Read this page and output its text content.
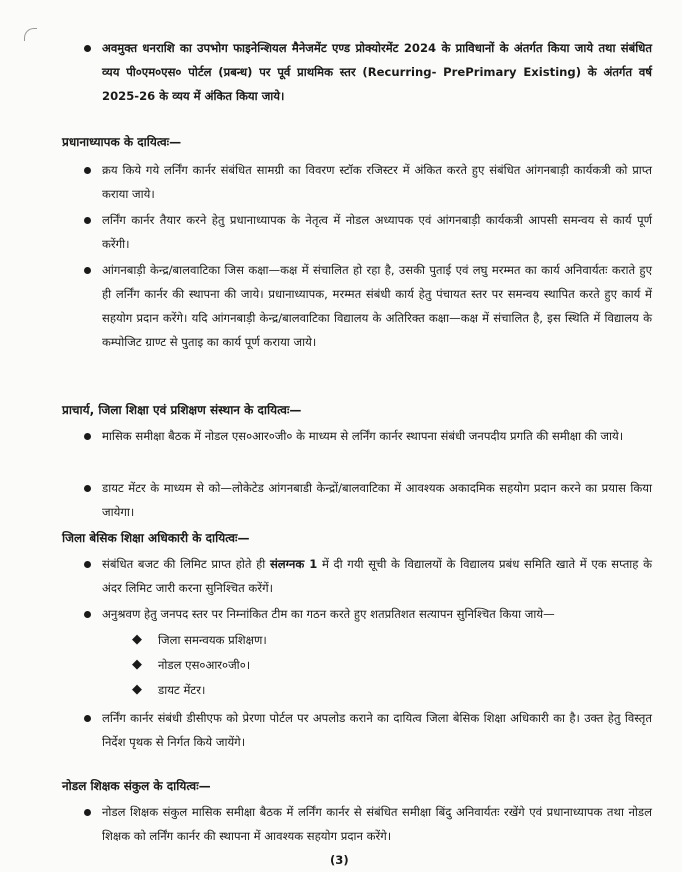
अवमुक्त धनराशि का उपभोग फाइनेन्शियल मैनेजमेंट एण्ड प्रोक्योरमेंट 2024 के प्राविधानों के अंतर्गत किया जाये तथा संबंधित व्यय पी०एम०एस० पोर्टल (प्रबन्ध) पर पूर्व प्राथमिक स्तर (Recurring- PrePrimary Existing) के अंतर्गत वर्ष 2025-26 के व्यय में अंकित किया जाये।
प्रधानाध्यापक के दायित्वः—
क्रय किये गये लर्निंग कार्नर संबंधित सामग्री का विवरण स्टॉक रजिस्टर में अंकित करते हुए संबंधित आंगनबाड़ी कार्यकत्री को प्राप्त कराया जाये।
लर्निंग कार्नर तैयार करने हेतु प्रधानाध्यापक के नेतृत्व में नोडल अध्यापक एवं आंगनबाड़ी कार्यकत्री आपसी समन्वय से कार्य पूर्ण करेंगी।
आंगनबाड़ी केन्द्र/बालवाटिका जिस कक्षा—कक्ष में संचालित हो रहा है, उसकी पुताई एवं लघु मरम्मत का कार्य अनिवार्यतः कराते हुए ही लर्निंग कार्नर की स्थापना की जाये। प्रधानाध्यापक, मरम्मत संबंधी कार्य हेतु पंचायत स्तर पर समन्वय स्थापित करते हुए कार्य में सहयोग प्रदान करेंगे। यदि आंगनबाड़ी केन्द्र/बालवाटिका विद्यालय के अतिरिक्त कक्षा—कक्ष में संचालित है, इस स्थिति में विद्यालय के कम्पोजिट ग्राण्ट से पुताइ का कार्य पूर्ण कराया जाये।
प्राचार्य, जिला शिक्षा एवं प्रशिक्षण संस्थान के दायित्वः—
मासिक समीक्षा बैठक में नोडल एस०आर०जी० के माध्यम से लर्निंग कार्नर स्थापना संबंधी जनपदीय प्रगति की समीक्षा की जाये।
डायट मेंटर के माध्यम से को—लोकेटेड आंगनबाडी केन्द्रों/बालवाटिका में आवश्यक अकादमिक सहयोग प्रदान करने का प्रयास किया जायेगा।
जिला बेसिक शिक्षा अधिकारी के दायित्वः—
संबंधित बजट की लिमिट प्राप्त होते ही संलग्नक 1 में दी गयी सूची के विद्यालयों के विद्यालय प्रबंध समिति खाते में एक सप्ताह के अंदर लिमिट जारी करना सुनिश्चित करेंगें।
अनुश्रवण हेतु जनपद स्तर पर निम्नांकित टीम का गठन करते हुए शतप्रतिशत सत्यापन सुनिश्चित किया जाये—
◆ जिला समन्वयक प्रशिक्षण।
◆ नोडल एस०आर०जी०।
◆ डायट मेंटर।
लर्निंग कार्नर संबंधी डीसीएफ को प्रेरणा पोर्टल पर अपलोड कराने का दायित्व जिला बेसिक शिक्षा अधिकारी का है। उक्त हेतु विस्तृत निर्देश पृथक से निर्गत किये जायेंगे।
नोडल शिक्षक संकुल के दायित्वः—
नोडल शिक्षक संकुल मासिक समीक्षा बैठक में लर्निंग कार्नर से संबंधित समीक्षा बिंदु अनिवार्यतः रखेंगे एवं प्रधानाध्यापक तथा नोडल शिक्षक को लर्निंग कार्नर की स्थापना में आवश्यक सहयोग प्रदान करेंगे।
(3)
